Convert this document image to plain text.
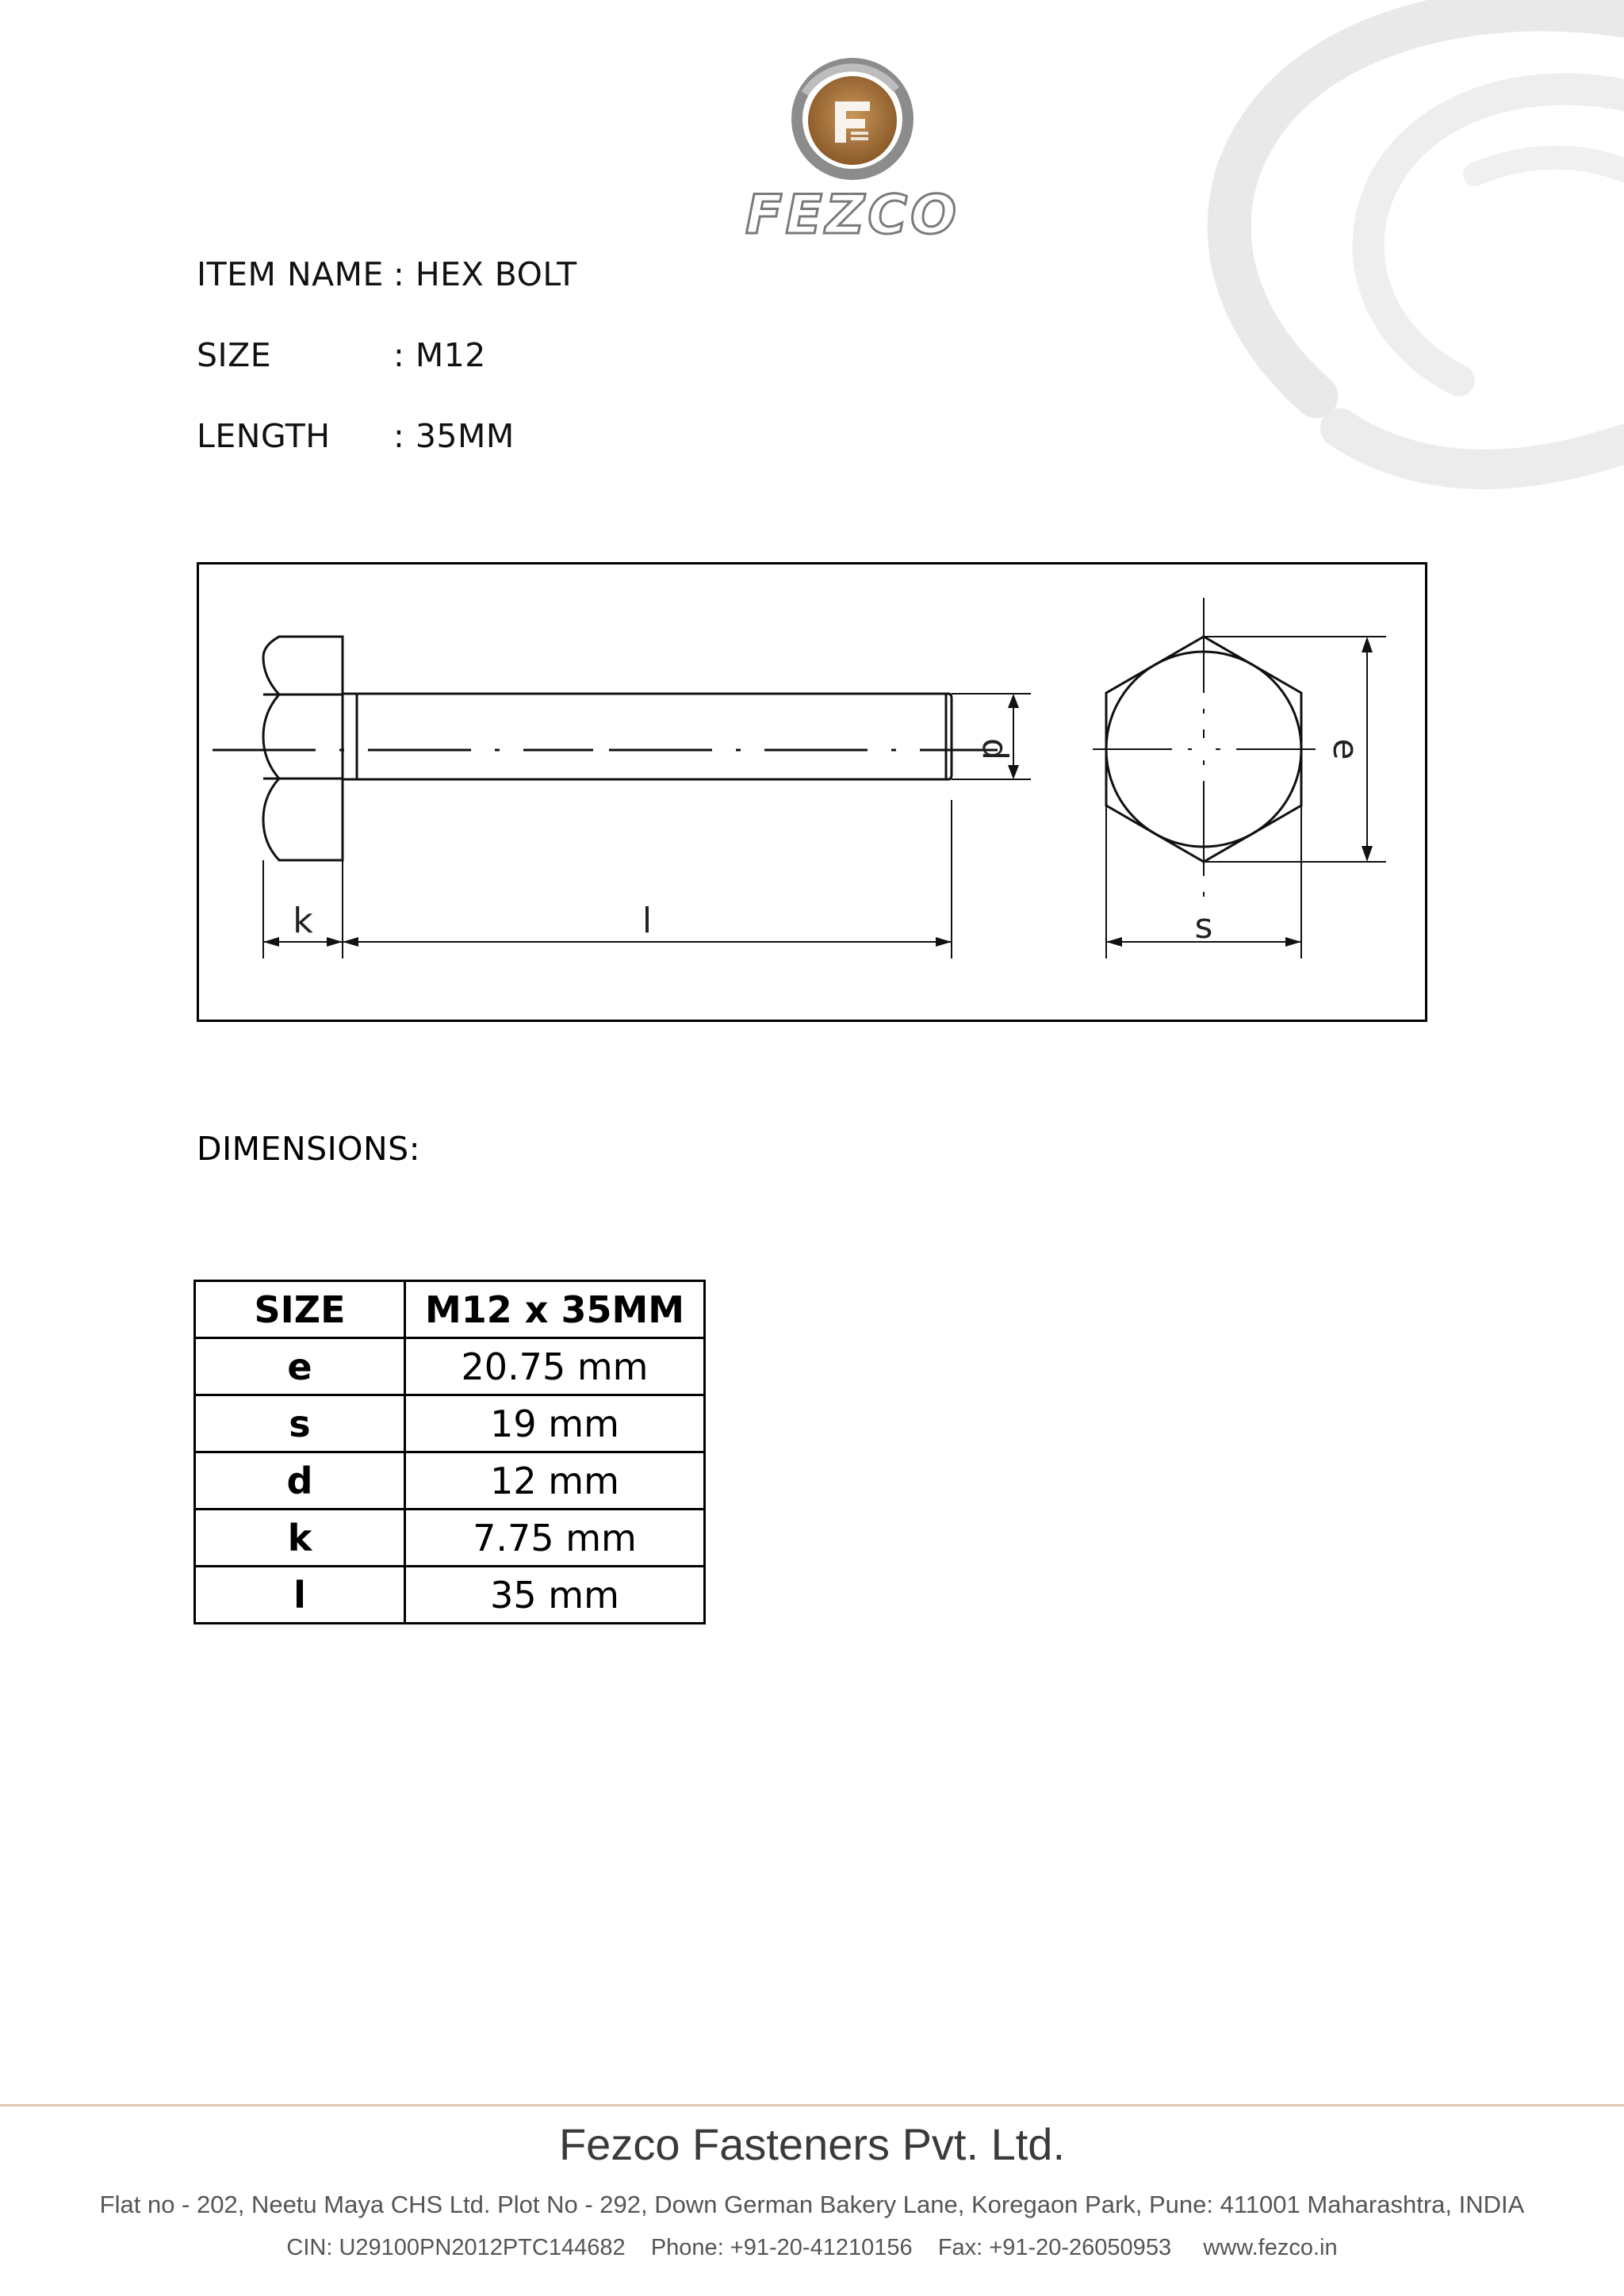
FEZCO
ITEM NAME : HEX BOLT
SIZE	: M12
LENGTH : 35MM
k	l	s
d	e
DIMENSIONS:
SIZE	M12 x 35MM
e	20.75 mm
s	19 mm
d	12 mm
k	7.75 mm
l	35 mm
Fezco Fasteners Pvt. Ltd.
Flat no - 202, Neetu Maya CHS Ltd. Plot No - 292, Down German Bakery Lane, Koregaon Park, Pune: 411001 Maharashtra, INDIA
CIN: U29100PN2012PTC144682    Phone: +91-20-41210156    Fax: +91-20-26050953     www.fezco.in
